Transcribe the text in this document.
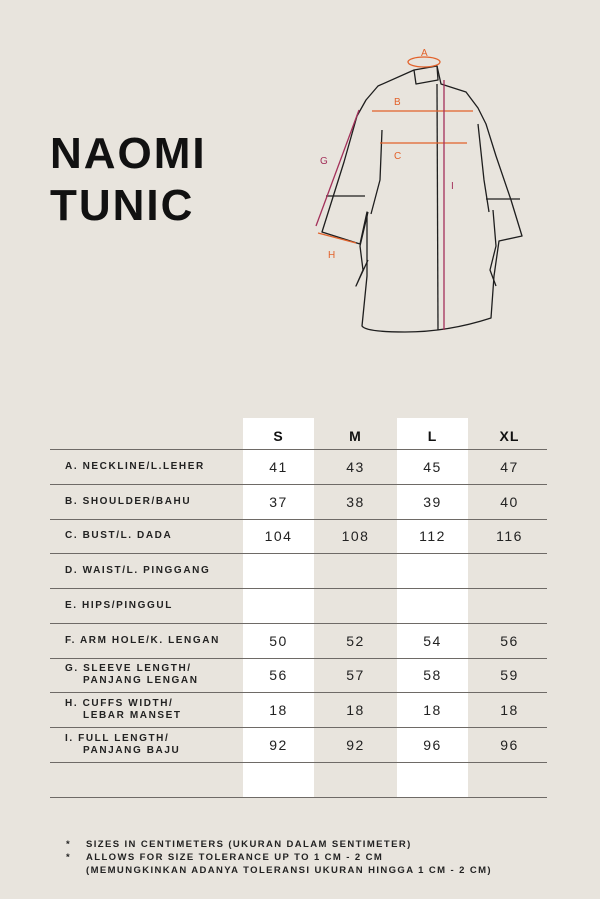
NAOMI
TUNIC
A
B
C
G
H
I
S	M	L	XL
A. NECKLINE/L.LEHER	41	43	45	47
B. SHOULDER/BAHU	37	38	39	40
C. BUST/L. DADA	104	108	112	116
D. WAIST/L. PINGGANG
E. HIPS/PINGGUL
F. ARM HOLE/K. LENGAN	50	52	54	56
G. SLEEVE LENGTH/
PANJANG LENGAN	56	57	58	59
H. CUFFS WIDTH/
LEBAR MANSET	18	18	18	18
I. FULL LENGTH/
PANJANG BAJU	92	92	96	96
*	SIZES IN CENTIMETERS (UKURAN DALAM SENTIMETER)
*	ALLOWS FOR SIZE TOLERANCE UP TO 1 CM - 2 CM
(MEMUNGKINKAN ADANYA TOLERANSI UKURAN HINGGA 1 CM - 2 CM)
